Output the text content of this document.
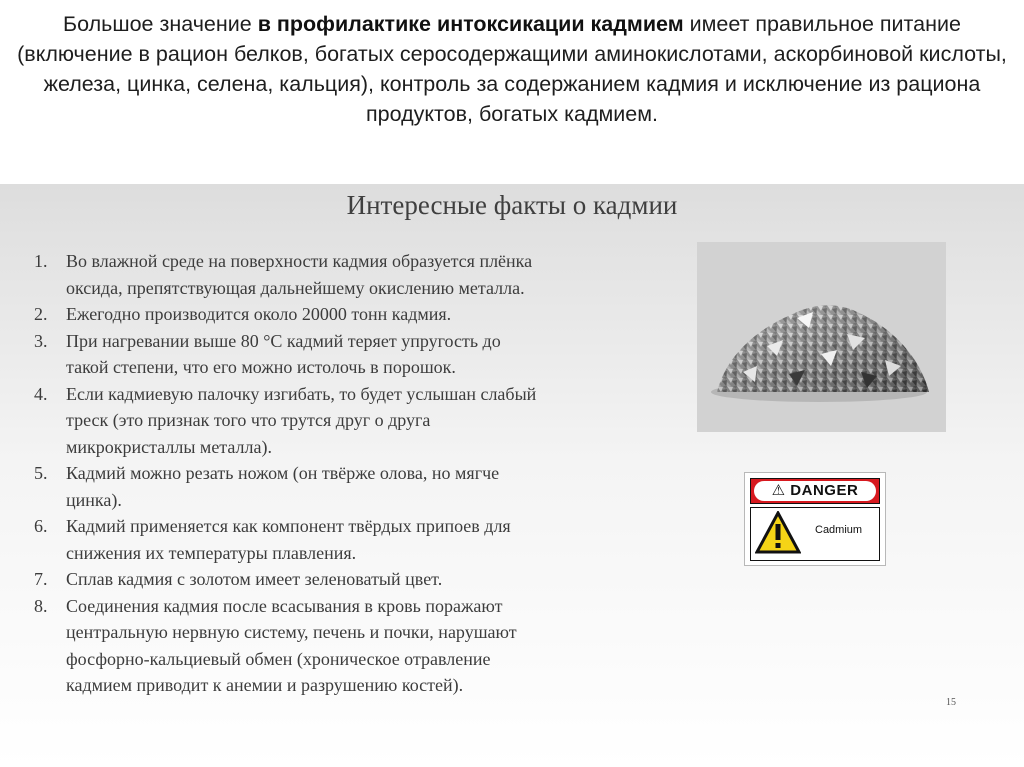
Большое значение в профилактике интоксикации кадмием имеет правильное питание (включение в рацион белков, богатых серосодержащими аминокислотами, аскорбиновой кислоты, железа, цинка, селена, кальция), контроль за содержанием кадмия и исключение из рациона продуктов, богатых кадмием.
Интересные факты о кадмии
1. Во влажной среде на поверхности кадмия образуется плёнка
оксида, препятствующая дальнейшему окислению металла.
2. Ежегодно производится около 20000 тонн кадмия.
3. При нагревании выше 80 °С кадмий теряет упругость до
такой степени, что его можно истолочь в порошок.
4. Если кадмиевую палочку изгибать, то будет услышан слабый
треск (это признак того что трутся друг о друга
микрокристаллы металла).
5. Кадмий можно резать ножом (он твёрже олова, но мягче
цинка).
6. Кадмий применяется как компонент твёрдых припоев для
снижения их температуры плавления.
7. Сплав кадмия с золотом имеет зеленоватый цвет.
8. Соединения кадмия после всасывания в кровь поражают
центральную нервную систему, печень и почки, нарушают
фосфорно-кальциевый обмен (хроническое отравление
кадмием приводит к анемии и разрушению костей).
⚠ DANGER
Cadmium
15
